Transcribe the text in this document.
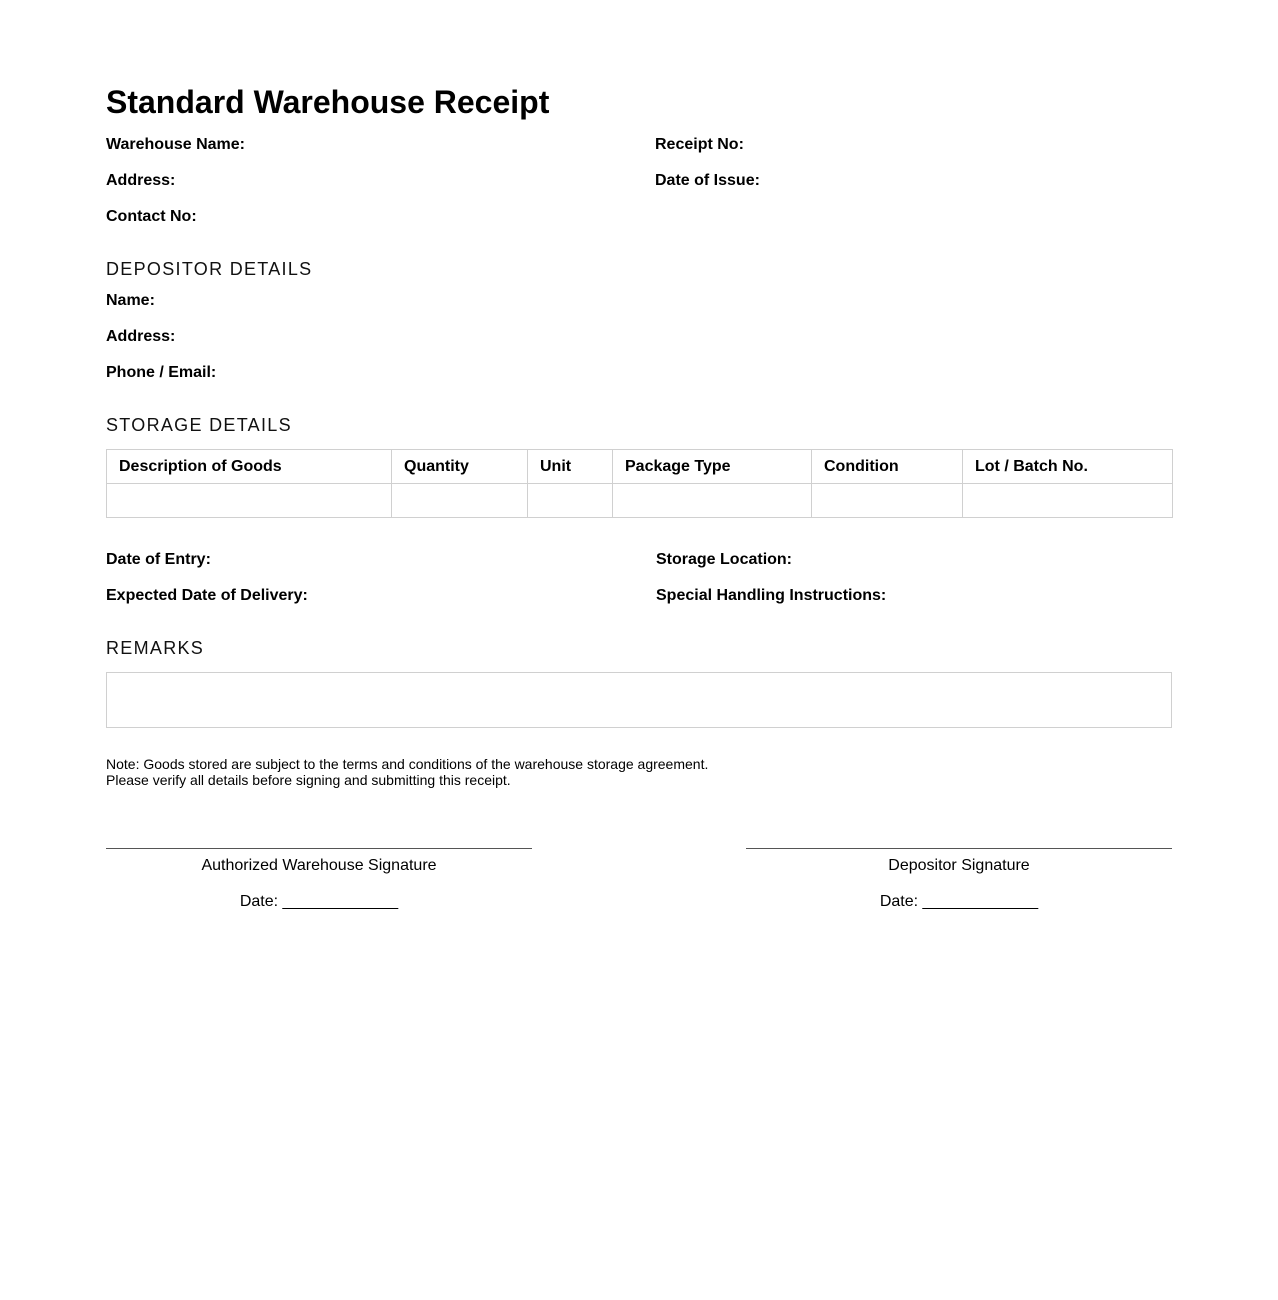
Standard Warehouse Receipt
Warehouse Name:
Address:
Contact No:
Receipt No:
Date of Issue:
DEPOSITOR DETAILS
Name:
Address:
Phone / Email:
STORAGE DETAILS
Description of Goods	Quantity	Unit	Package Type	Condition	Lot / Batch No.

Date of Entry:
Expected Date of Delivery:
Storage Location:
Special Handling Instructions:
REMARKS
Note: Goods stored are subject to the terms and conditions of the warehouse storage agreement.
Please verify all details before signing and submitting this receipt.
Authorized Warehouse Signature
Date: _____________
Depositor Signature
Date: _____________
